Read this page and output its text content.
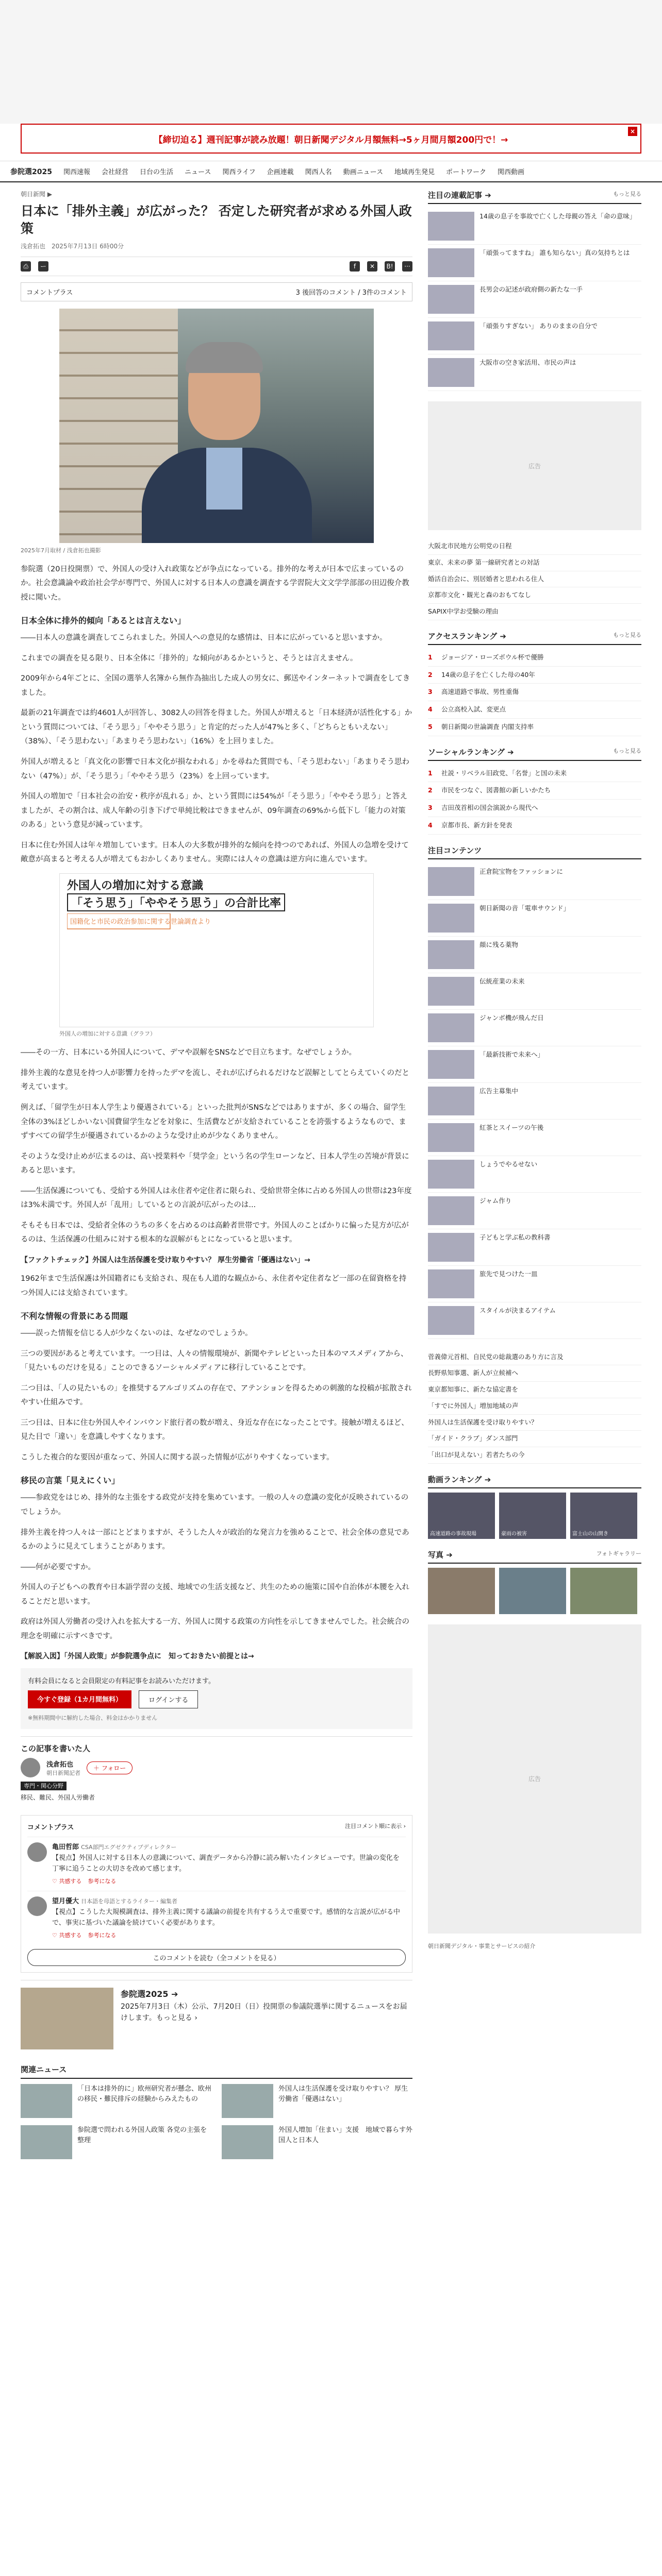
【締切迫る】週刊記事が読み放題！朝日新聞デジタル月額無料→5ヶ月間月額200円で！→
×
参院選2025 関西速報 会社経営 日台の生活 ニュース 関西ライフ 企画連載 関西人名 動画ニュース 地域再生発見 ポートワーク 関西動画
朝日新聞 ▶
日本に「排外主義」が広がった？ 否定した研究者が求める外国人政策
浅倉拓也　2025年7月13日 6時00分
⎙	ー	f	✕	B!	···
コメントプラス	3 後回答のコメント / 3件のコメント
2025年7月取材 / 浅倉拓也撮影

参院選（20日投開票）で、外国人の受け入れ政策などが争点になっている。排外的な考えが日本で広まっているのか。社会意識論や政治社会学が専門で、外国人に対する日本人の意識を調査する学習院大文文学学部部の田辺俊介教授に聞いた。

日本全体に排外的傾向「あるとは言えない」

――日本人の意識を調査してこられました。外国人への意見的な感情は、日本に広がっていると思いますか。

これまでの調査を見る限り、日本全体に「排外的」な傾向があるかというと、そうとは言えません。

2009年から4年ごとに、全国の選挙人名簿から無作為抽出した成人の男女に、郵送やインターネットで調査をしてきました。

最新の21年調査では約4601人が回答し、3082人の回答を得ました。外国人が増えると「日本経済が活性化する」かという質問については、「そう思う」「ややそう思う」と肯定的だった人が47%と多く、「どちらともいえない」（38%）、「そう思わない」「あまりそう思わない」（16%）を上回りました。

外国人が増えると「真文化の影響で日本文化が損なわれる」かを尋ねた質問でも、「そう思わない」「あまりそう思わない（47%）」が、「そう思う」「ややそう思う（23%）を上回っています。

外国人の増加で「日本社会の治安・秩序が乱れる」か、という質問には54%が「そう思う」「ややそう思う」と答えましたが、その割合は、成人年齢の引き下げで単純比較はできませんが、09年調査の69%から低下し「能力の対策のある」という意見が減っています。

日本に住む外国人は年々増加しています。日本人の大多数が排外的な傾向を持つのであれば、外国人の急増を受けて敵意が高まると考える人が増えてもおかしくありません。実際には人々の意識は逆方向に進んでいます。

外国人の増加に対する意識
「そう思う」「ややそう思う」の合計比率
国籍化と市民の政治参加に関する世論調査より
外国人の増加に対する意識（グラフ）

――その一方、日本にいる外国人について、デマや誤解をSNSなどで目立ちます。なぜでしょうか。

排外主義的な意見を持つ人が影響力を持ったデマを流し、それが広げられるだけなど誤解としてとらえていくのだと考えています。

例えば、「留学生が日本人学生より優遇されている」といった批判がSNSなどではありますが、多くの場合、留学生全体の3%ほどしかいない国費留学生などを対象に、生活費などが支給されていることを誇張するようなもので、まずすべての留学生が優遇されているかのような受け止めが少なくありません。

そのような受け止めが広まるのは、高い授業料や「奨学金」という名の学生ローンなど、日本人学生の苦境が背景にあると思います。

――生活保護についても、受給する外国人は永住者や定住者に限られ、受給世帯全体に占める外国人の世帯は23年度は3%未満です。外国人が「乱用」しているとの言説が広がったのは...

そもそも日本では、受給者全体のうちの多くを占めるのは高齢者世帯です。外国人のことばかりに偏った見方が広がるのは、生活保護の仕組みに対する根本的な誤解がもとになっていると思います。

【ファクトチェック】外国人は生活保護を受け取りやすい？ 厚生労働省「優遇はない」→

1962年まで生活保護は外国籍者にも支給され、現在も人道的な観点から、永住者や定住者など一部の在留資格を持つ外国人には支給されています。

不利な情報の背景にある問題

――誤った情報を信じる人が少なくないのは、なぜなのでしょうか。

三つの要因があると考えています。一つ目は、人々の情報環境が、新聞やテレビといった日本のマスメディアから、「見たいものだけを見る」ことのできるソーシャルメディアに移行していることです。

二つ目は、「人の見たいもの」を推奨するアルゴリズムの存在で、アテンションを得るための刺激的な投稿が拡散されやすい仕組みです。

三つ目は、日本に住む外国人やインバウンド旅行者の数が増え、身近な存在になったことです。接触が増えるほど、見た目で「違い」を意識しやすくなります。

こうした複合的な要因が重なって、外国人に関する誤った情報が広がりやすくなっています。

移民の言葉「見えにくい」

――参政党をはじめ、排外的な主張をする政党が支持を集めています。一般の人々の意識の変化が反映されているのでしょうか。

排外主義を持つ人々は一部にとどまりますが、そうした人々が政治的な発言力を強めることで、社会全体の意見であるかのように見えてしまうことがあります。

――何が必要ですか。

外国人の子どもへの教育や日本語学習の支援、地域での生活支援など、共生のための施策に国や自治体が本腰を入れることだと思います。

政府は外国人労働者の受け入れを拡大する一方、外国人に関する政策の方向性を示してきませんでした。社会統合の理念を明確に示すべきです。

【解説入図】「外国人政策」が参院選争点に　知っておきたい前提とは→
有料会員になると会員限定の有料記事をお読みいただけます。
今すぐ登録（1カ月間無料）	ログインする
※無料期間中に解約した場合、料金はかかりません
この記事を書いた人
浅倉拓也
朝日新聞記者
＋ フォロー
専門・関心分野
移民、難民、外国人労働者
コメントプラス	注目コメント順に表示 ›
亀田哲郎 CSA部門エグゼクティブディレクター
【視点】外国人に対する日本人の意識について、調査データから冷静に読み解いたインタビューです。世論の変化を丁寧に追うことの大切さを改めて感じます。
♡ 共感する 参考になる
望月優大 日本語を母語とするライター・編集者
【視点】こうした大規模調査は、排外主義に関する議論の前提を共有するうえで重要です。感情的な言説が広がる中で、事実に基づいた議論を続けていく必要があります。
♡ 共感する 参考になる
このコメントを読む（全コメントを見る）
参院選2025 ➔
2025年7月3日（木）公示、7月20日（日）投開票の参議院選挙に関するニュースをお届けします。もっと見る ›
関連ニュース
「日本は排外的に」欧州研究者が懸念、欧州の移民・難民排斥の経験からみえたもの
外国人は生活保護を受け取りやすい？ 厚生労働省「優遇はない」
参院選で問われる外国人政策 各党の主張を整理
外国人増加「住まい」支援　地域で暮らす外国人と日本人
注目の連載記事 ➔	もっと見る
14歳の息子を事故で亡くした母親の答え「命の意味」
「頑張ってますね」 誰も知らない」真の気持ちとは
長男会の記述が政府側の新たな一手
「頑張りすぎない」 ありのままの自分で
大阪市の空き家活用、市民の声は
広告
大阪北市民地方公明党の日程
東京、未来の夢 第一線研究者との対話
婚活自治会に、別居婚者と思われる住人
京都市文化・観光と森のおもてなし
SAPIX中学お受験の理由
アクセスランキング ➔	もっと見る
1	ジョージア・ローズボウル杯で優勝
2	14歳の息子を亡くした母の40年
3	高速道路で事故、男性重傷
4	公立高校入試、変更点
5	朝日新聞の世論調査 内閣支持率
ソーシャルランキング ➔	もっと見る
1	社説・リベラル旧政党、「名誉」と国の未来
2	市民をつなぐ、図書館の新しいかたち
3	吉田茂首相の国会演説から現代へ
4	京都市長、新方針を発表
注目コンテンツ
正倉院宝物をファッションに
朝日新聞の音「電車サウンド」
顔に残る薬物
伝統産業の未来
ジャンボ機が飛んだ日
「最新技術で未来へ」
広告主募集中
紅茶とスイーツの午後
しょうでやるせない
ジャム作り
子どもと学ぶ私の教科書
旅先で見つけた一皿
スタイルが決まるアイテム
菅義偉元首相、自民党の総裁選のあり方に言及
長野県知事選、新人が立候補へ
東京都知事に、新たな協定書を
「すでに外国人」増加地域の声
外国人は生活保護を受け取りやすい？
「ガイド・クラブ」ダンス部門
「出口が見えない」若者たちの今
動画ランキング ➔
高速道路の事故現場	豪雨の被害	富士山の山開き
写真 ➔	フォトギャラリー
広告
朝日新聞デジタル・事業とサービスの紹介
